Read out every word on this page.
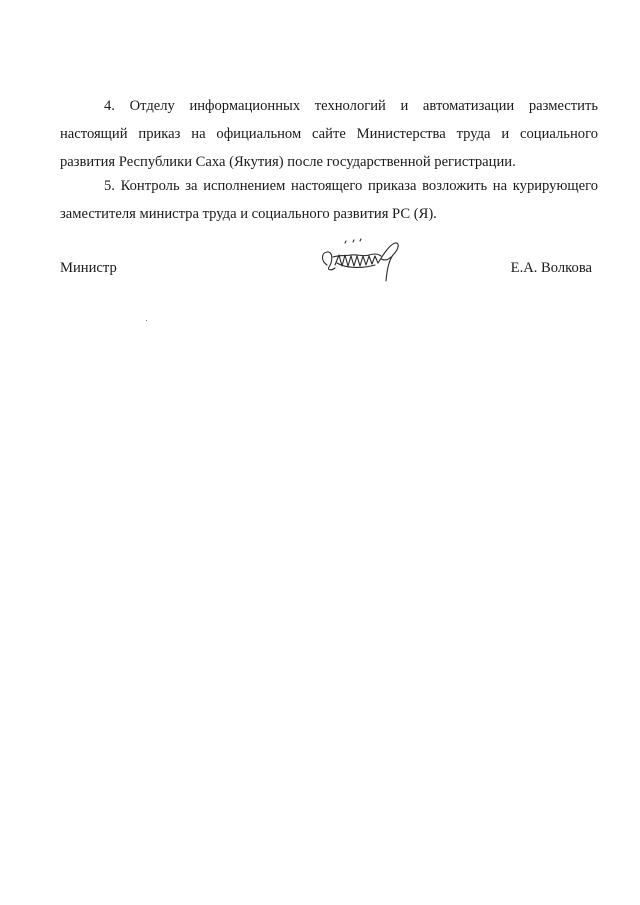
4. Отделу информационных технологий и автоматизации разместить настоящий приказ на официальном сайте Министерства труда и социального развития Республики Саха (Якутия) после государственной регистрации.

5. Контроль за исполнением настоящего приказа возложить на курирующего заместителя министра труда и социального развития РС (Я).

Министр	Е.А. Волкова
